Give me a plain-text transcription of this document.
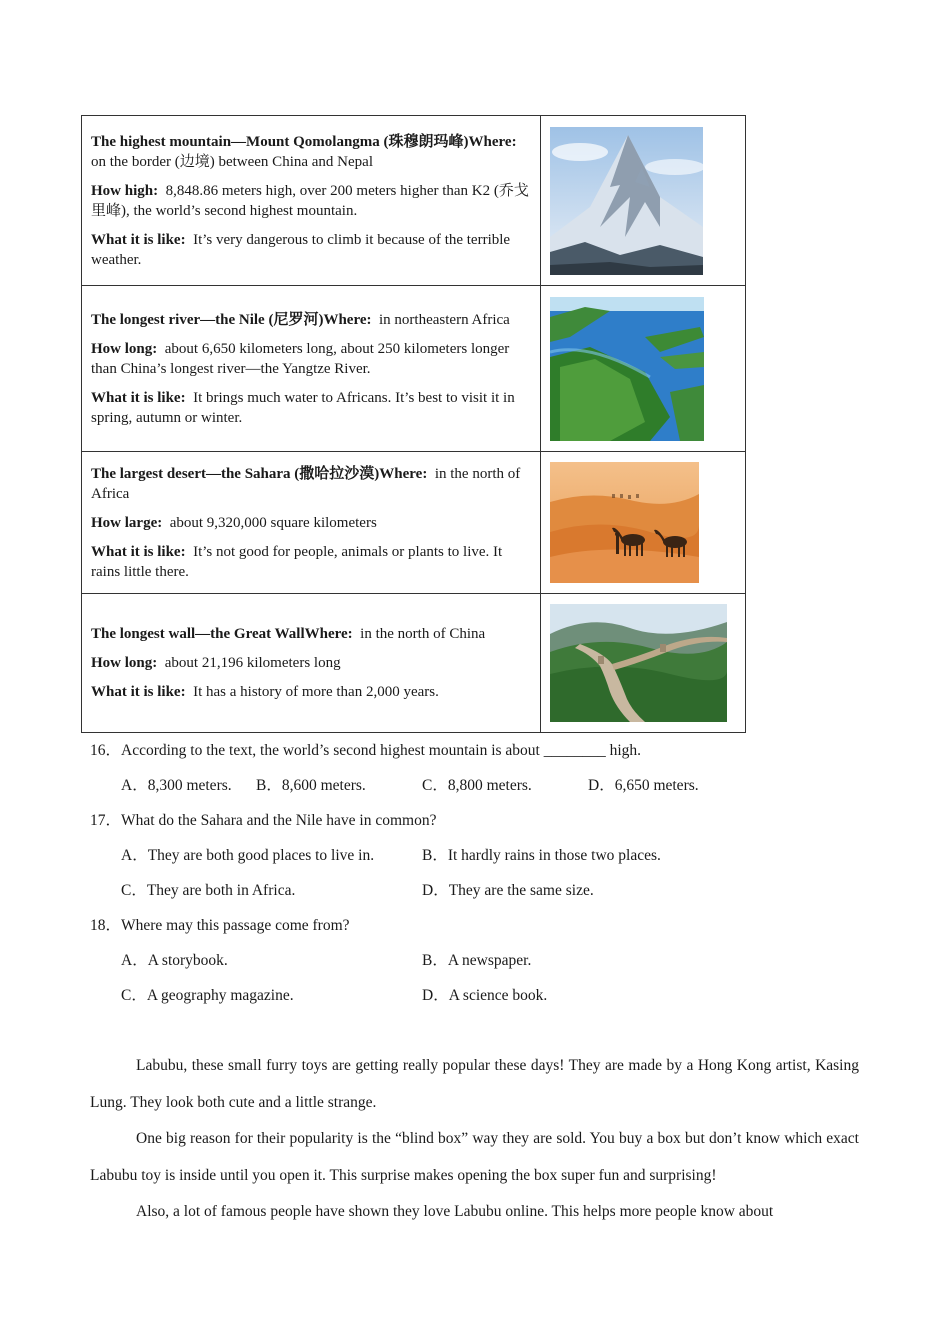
The highest mountain—Mount Qomolangma (珠穆朗玛峰)Where:  on the border (边境) between China and Nepal

How high: 8,848.86 meters high, over 200 meters higher than K2 (乔戈里峰), the world’s second highest mountain.

What it is like: It’s very dangerous to climb it because of the terrible weather.

The longest river—the Nile (尼罗河)Where: in northeastern Africa

How long: about 6,650 kilometers long, about 250 kilometers longer than China’s longest river—the Yangtze River.

What it is like: It brings much water to Africans. It’s best to visit it in spring, autumn or winter.

The largest desert—the Sahara (撒哈拉沙漠)Where: in the north of Africa

How large: about 9,320,000 square kilometers

What it is like: It’s not good for people, animals or plants to live. It rains little there.

The longest wall—the Great WallWhere: in the north of China

How long: about 21,196 kilometers long

What it is like: It has a history of more than 2,000 years.

16．According to the text, the world’s second highest mountain is about ________ high.
A．8,300 meters. B．8,600 meters.	C．8,800 meters.	D．6,650 meters.
17．What do the Sahara and the Nile have in common?
A．They are both good places to live in.	B．It hardly rains in those two places.
C．They are both in Africa.	D．They are the same size.
18．Where may this passage come from?
A．A storybook.	B．A newspaper.
C．A geography magazine.	D．A science book.

Labubu, these small furry toys are getting really popular these days! They are made by a Hong Kong artist, Kasing Lung. They look both cute and a little strange.

One big reason for their popularity is the “blind box” way they are sold. You buy a box but don’t know which exact Labubu toy is inside until you open it. This surprise makes opening the box super fun and surprising!

Also, a lot of famous people have shown they love Labubu online. This helps more people know about
